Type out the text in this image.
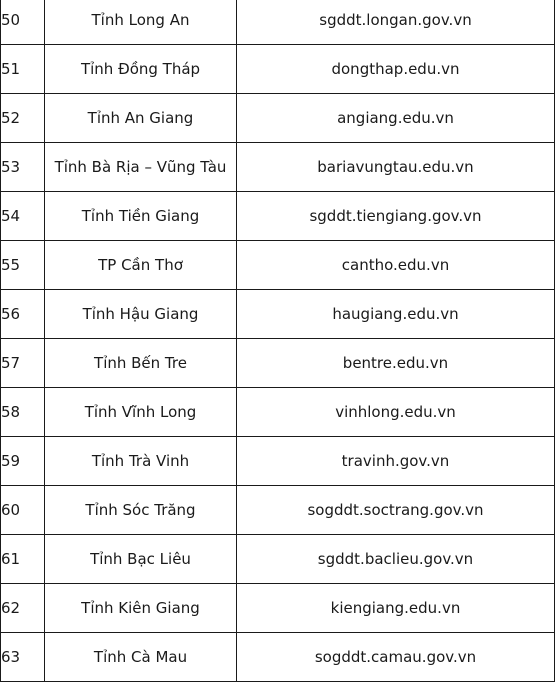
50	Tỉnh Long An	sgddt.longan.gov.vn
51	Tỉnh Đồng Tháp	dongthap.edu.vn
52	Tỉnh An Giang	angiang.edu.vn
53	Tỉnh Bà Rịa – Vũng Tàu	bariavungtau.edu.vn
54	Tỉnh Tiền Giang	sgddt.tiengiang.gov.vn
55	TP Cần Thơ	cantho.edu.vn
56	Tỉnh Hậu Giang	haugiang.edu.vn
57	Tỉnh Bến Tre	bentre.edu.vn
58	Tỉnh Vĩnh Long	vinhlong.edu.vn
59	Tỉnh Trà Vinh	travinh.gov.vn
60	Tỉnh Sóc Trăng	sogddt.soctrang.gov.vn
61	Tỉnh Bạc Liêu	sgddt.baclieu.gov.vn
62	Tỉnh Kiên Giang	kiengiang.edu.vn
63	Tỉnh Cà Mau	sogddt.camau.gov.vn
